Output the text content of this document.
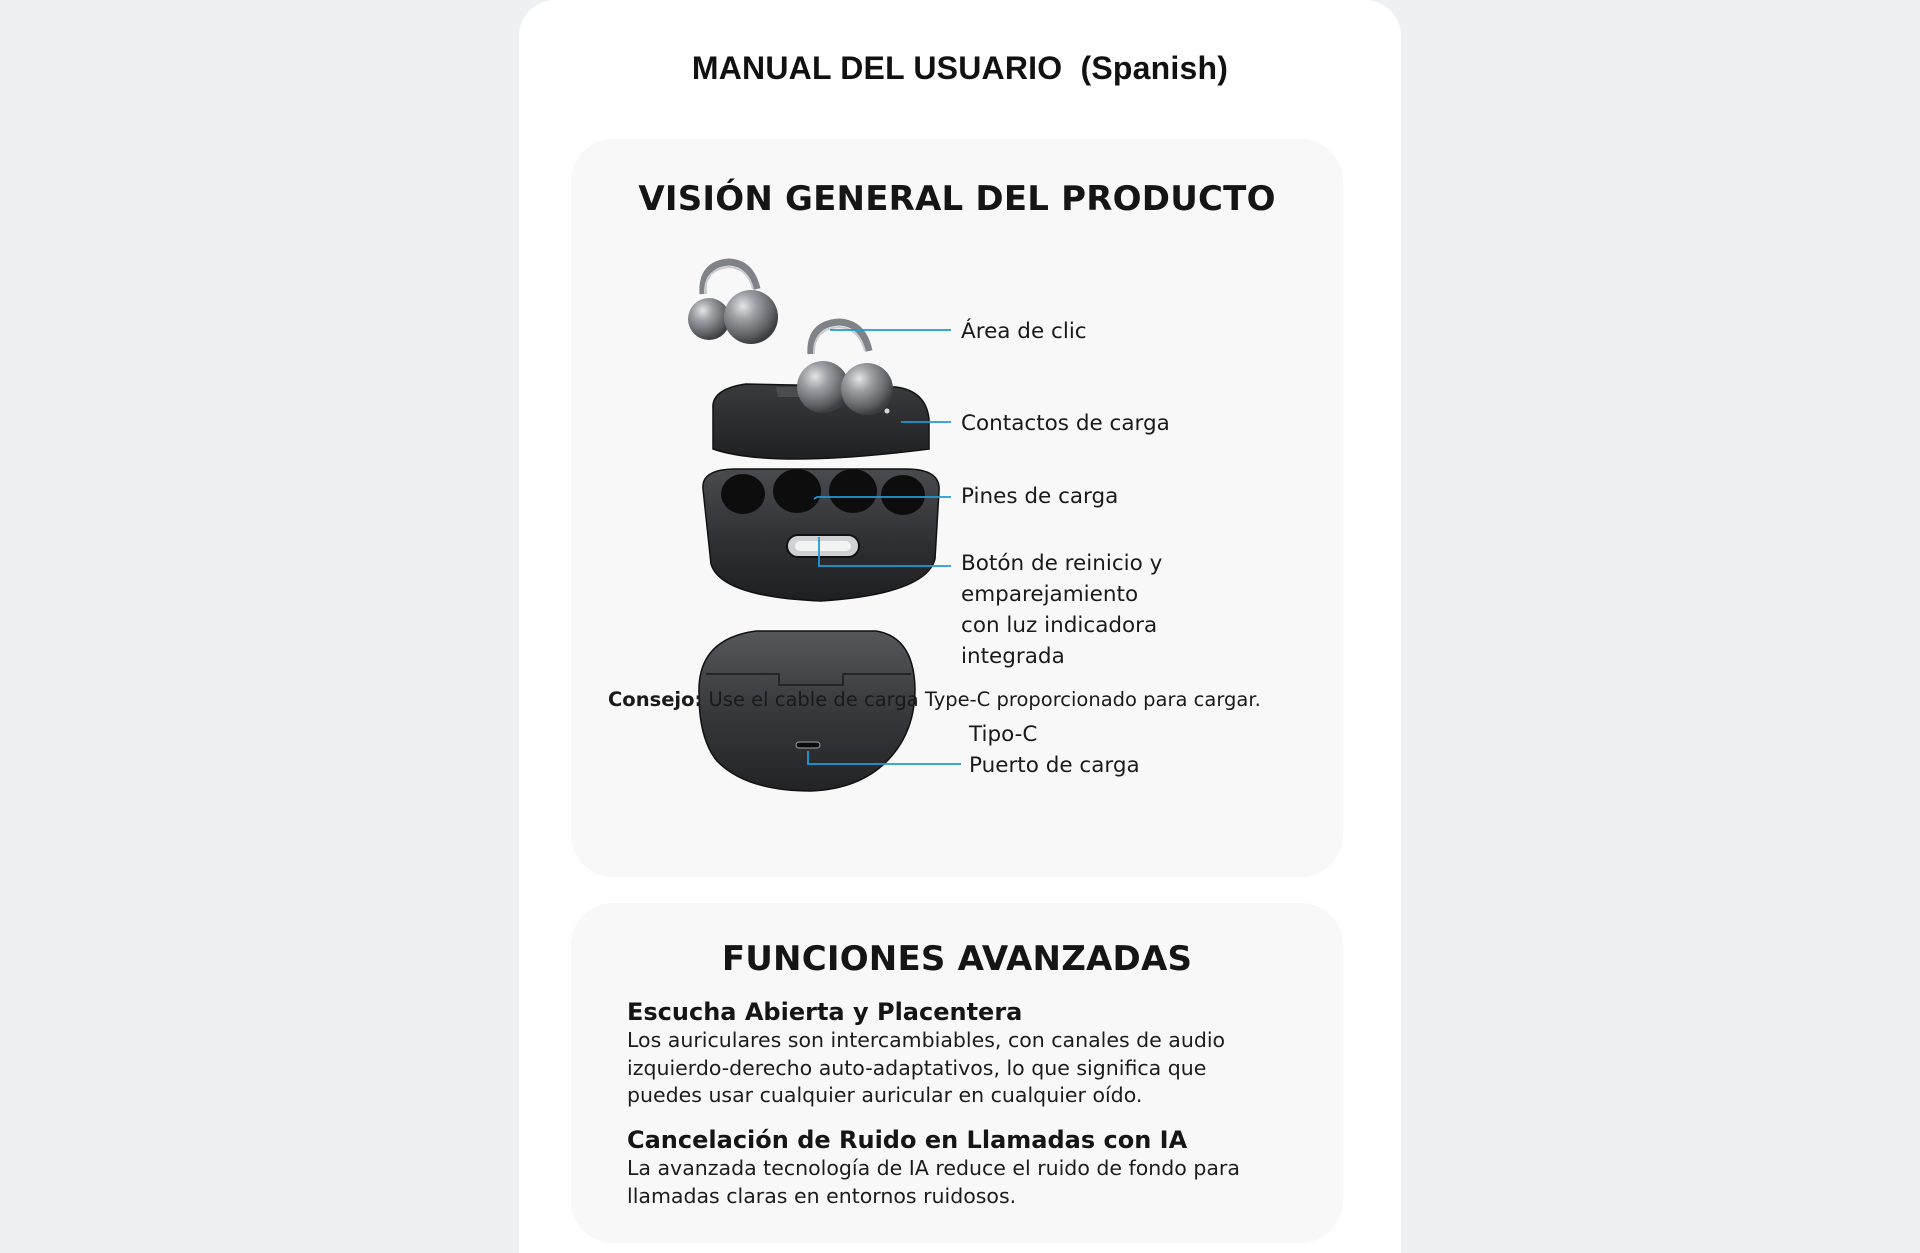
MANUAL DEL USUARIO  (Spanish)
VISIÓN GENERAL DEL PRODUCTO
Área de clic
Contactos de carga
Pines de carga
Botón de reinicio y
emparejamiento
con luz indicadora
integrada
Tipo-C
Puerto de carga
Consejo: Use el cable de carga Type-C proporcionado para cargar.
FUNCIONES AVANZADAS
Escucha Abierta y Placentera
Los auriculares son intercambiables, con canales de audio
izquierdo-derecho auto-adaptativos, lo que significa que
puedes usar cualquier auricular en cualquier oído.
Cancelación de Ruido en Llamadas con IA
La avanzada tecnología de IA reduce el ruido de fondo para
llamadas claras en entornos ruidosos.
